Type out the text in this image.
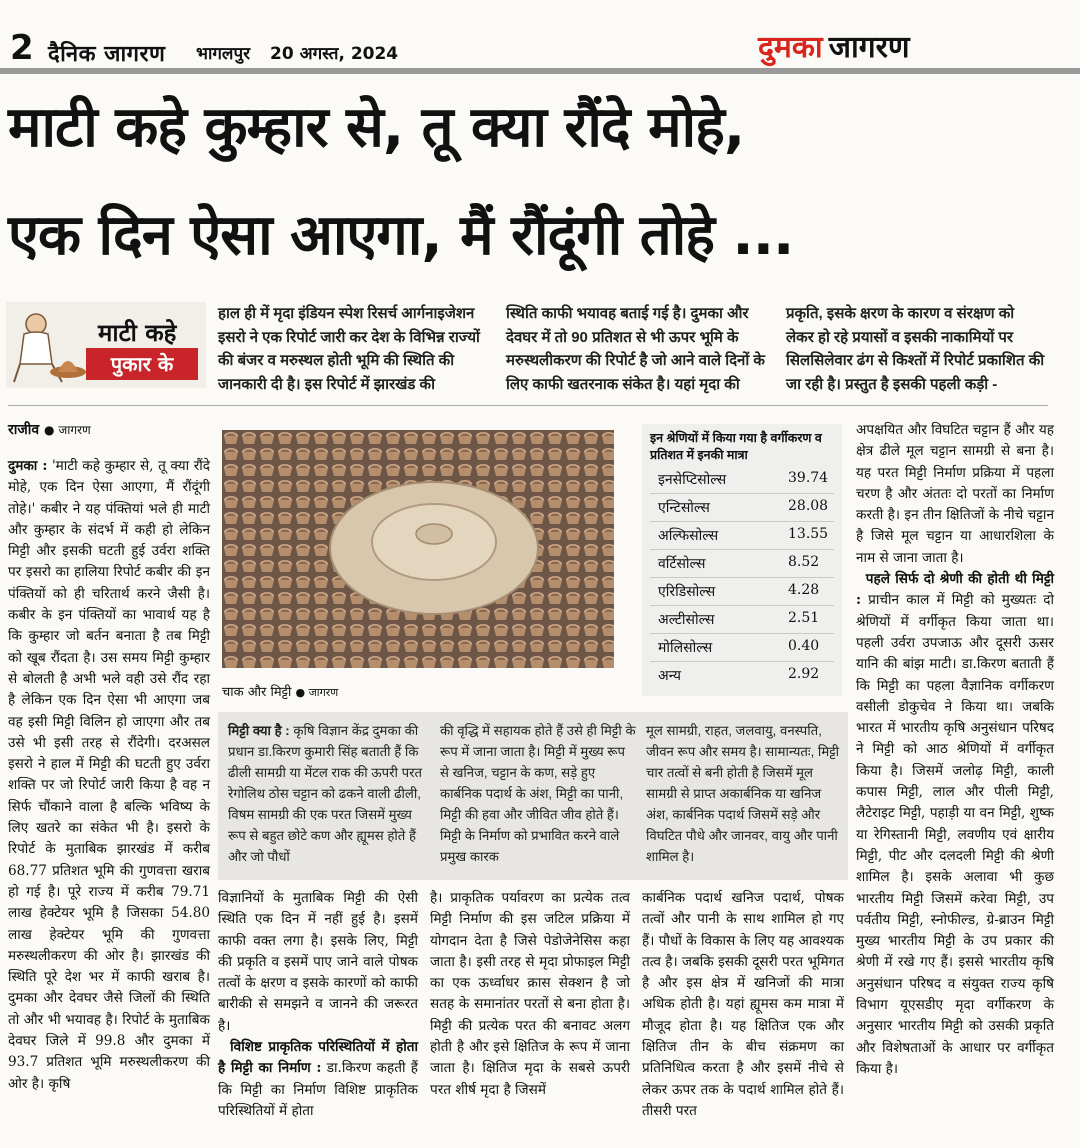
2 दैनिक जागरण भागलपुर 20 अगस्त, 2024	दुमका जागरण
माटी कहे कुम्हार से, तू क्या रौंदे मोहे,
एक दिन ऐसा आएगा, मैं रौंदूंगी तोहे ...
माटी कहे
पुकार के
हाल ही में मृदा इंडियन स्पेश रिसर्च आर्गनाइजेशन इसरो ने एक रिपोर्ट जारी कर देश के विभिन्न राज्यों की बंजर व मरुस्थल होती भूमि की स्थिति की जानकारी दी है। इस रिपोर्ट में झारखंड की
स्थिति काफी भयावह बताई गई है। दुमका और देवघर में तो 90 प्रतिशत से भी ऊपर भूमि के मरुस्थलीकरण की रिपोर्ट है जो आने वाले दिनों के लिए काफी खतरनाक संकेत है। यहां मृदा की
प्रकृति, इसके क्षरण के कारण व संरक्षण को लेकर हो रहे प्रयासों व इसकी नाकामियों पर सिलसिलेवार ढंग से किश्तों में रिपोर्ट प्रकाशित की जा रही है। प्रस्तुत है इसकी पहली कड़ी -
राजीव ● जागरण
दुमका : 'माटी कहे कुम्हार से, तू क्या रौंदे मोहे, एक दिन ऐसा आएगा, मैं रौंदूंगी तोहे।' कबीर ने यह पंक्तियां भले ही माटी और कुम्हार के संदर्भ में कही हो लेकिन मिट्टी और इसकी घटती हुई उर्वरा शक्ति पर इसरो का हालिया रिपोर्ट कबीर की इन पंक्तियों को ही चरितार्थ करने जैसी है। कबीर के इन पंक्तियों का भावार्थ यह है कि कुम्हार जो बर्तन बनाता है तब मिट्टी को खूब रौंदता है। उस समय मिट्टी कुम्हार से बोलती है अभी भले वही उसे रौंद रहा है लेकिन एक दिन ऐसा भी आएगा जब वह इसी मिट्टी विलिन हो जाएगा और तब उसे भी इसी तरह से रौंदेगी। दरअसल इसरो ने हाल में मिट्टी की घटती हुए उर्वरा शक्ति पर जो रिपोर्ट जारी किया है वह न सिर्फ चौंकाने वाला है बल्कि भविष्य के लिए खतरे का संकेत भी है। इसरो के रिपोर्ट के मुताबिक झारखंड में करीब 68.77 प्रतिशत भूमि की गुणवत्ता खराब हो गई है। पूरे राज्य में करीब 79.71 लाख हेक्टेयर भूमि है जिसका 54.80 लाख हेक्टेयर भूमि की गुणवत्ता मरुस्थलीकरण की ओर है। झारखंड की स्थिति पूरे देश भर में काफी खराब है। दुमका और देवघर जैसे जिलों की स्थिति तो और भी भयावह है। रिपोर्ट के मुताबिक देवघर जिले में 99.8 और दुमका में 93.7 प्रतिशत भूमि मरुस्थलीकरण की ओर है। कृषि
चाक और मिट्टी ● जागरण
इन श्रेणियों में किया गया है वर्गीकरण व प्रतिशत में इनकी मात्रा
इनसेप्टिसोल्स	39.74
एन्टिसोल्स	28.08
अल्फिसोल्स	13.55
वर्टिसोल्स	8.52
एरिडिसोल्स	4.28
अल्टीसोल्स	2.51
मोलिसोल्स	0.40
अन्य	2.92
मिट्टी क्या है : कृषि विज्ञान केंद्र दुमका की प्रधान डा.किरण कुमारी सिंह बताती हैं कि ढीली सामग्री या मेंटल राक की ऊपरी परत रेगोलिथ ठोस चट्टान को ढकने वाली ढीली, विषम सामग्री की एक परत जिसमें मुख्य रूप से बहुत छोटे कण और ह्यूमस होते हैं और जो पौधों
की वृद्धि में सहायक होते हैं उसे ही मिट्टी के रूप में जाना जाता है। मिट्टी में मुख्य रूप से खनिज, चट्टान के कण, सड़े हुए कार्बनिक पदार्थ के अंश, मिट्टी का पानी, मिट्टी की हवा और जीवित जीव होते हैं। मिट्टी के निर्माण को प्रभावित करने वाले प्रमुख कारक
मूल सामग्री, राहत, जलवायु, वनस्पति, जीवन रूप और समय है। सामान्यतः, मिट्टी चार तत्वों से बनी होती है जिसमें मूल सामग्री से प्राप्त अकार्बनिक या खनिज अंश, कार्बनिक पदार्थ जिसमें सड़े और विघटित पौधे और जानवर, वायु और पानी शामिल है।
विज्ञानियों के मुताबिक मिट्टी की ऐसी स्थिति एक दिन में नहीं हुई है। इसमें काफी वक्त लगा है। इसके लिए, मिट्टी की प्रकृति व इसमें पाए जाने वाले पोषक तत्वों के क्षरण व इसके कारणों को काफी बारीकी से समझने व जानने की जरूरत है।
विशिष्ट प्राकृतिक परिस्थितियों में होता है मिट्टी का निर्माण : डा.किरण कहती हैं कि मिट्टी का निर्माण विशिष्ट प्राकृतिक परिस्थितियों में होता
है। प्राकृतिक पर्यावरण का प्रत्येक तत्व मिट्टी निर्माण की इस जटिल प्रक्रिया में योगदान देता है जिसे पेडोजेनेसिस कहा जाता है। इसी तरह से मृदा प्रोफाइल मिट्टी का एक ऊर्ध्वाधर क्रास सेक्शन है जो सतह के समानांतर परतों से बना होता है। मिट्टी की प्रत्येक परत की बनावट अलग होती है और इसे क्षितिज के रूप में जाना जाता है। क्षितिज मृदा के सबसे ऊपरी परत शीर्ष मृदा है जिसमें
कार्बनिक पदार्थ खनिज पदार्थ, पोषक तत्वों और पानी के साथ शामिल हो गए हैं। पौधों के विकास के लिए यह आवश्यक तत्व है। जबकि इसकी दूसरी परत भूमिगत है और इस क्षेत्र में खनिजों की मात्रा अधिक होती है। यहां ह्यूमस कम मात्रा में मौजूद होता है। यह क्षितिज एक और क्षितिज तीन के बीच संक्रमण का प्रतिनिधित्व करता है और इसमें नीचे से लेकर ऊपर तक के पदार्थ शामिल होते हैं। तीसरी परत
अपक्षयित और विघटित चट्टान हैं और यह क्षेत्र ढीले मूल चट्टान सामग्री से बना है। यह परत मिट्टी निर्माण प्रक्रिया में पहला चरण है और अंततः दो परतों का निर्माण करती है। इन तीन क्षितिजों के नीचे चट्टान है जिसे मूल चट्टान या आधारशिला के नाम से जाना जाता है।
पहले सिर्फ दो श्रेणी की होती थी मिट्टी : प्राचीन काल में मिट्टी को मुख्यतः दो श्रेणियों में वर्गीकृत किया जाता था। पहली उर्वरा उपजाऊ और दूसरी ऊसर यानि की बांझ माटी। डा.किरण बताती हैं कि मिट्टी का पहला वैज्ञानिक वर्गीकरण वसीली डोकुचेव ने किया था। जबकि भारत में भारतीय कृषि अनुसंधान परिषद ने मिट्टी को आठ श्रेणियों में वर्गीकृत किया है। जिसमें जलोढ़ मिट्टी, काली कपास मिट्टी, लाल और पीली मिट्टी, लैटेराइट मिट्टी, पहाड़ी या वन मिट्टी, शुष्क या रेगिस्तानी मिट्टी, लवणीय एवं क्षारीय मिट्टी, पीट और दलदली मिट्टी की श्रेणी शामिल है। इसके अलावा भी कुछ भारतीय मिट्टी जिसमें करेवा मिट्टी, उप पर्वतीय मिट्टी, स्नोफील्ड, ग्रे-ब्राउन मिट्टी मुख्य भारतीय मिट्टी के उप प्रकार की श्रेणी में रखे गए हैं। इससे भारतीय कृषि अनुसंधान परिषद व संयुक्त राज्य कृषि विभाग यूएसडीए मृदा वर्गीकरण के अनुसार भारतीय मिट्टी को उसकी प्रकृति और विशेषताओं के आधार पर वर्गीकृत किया है।
